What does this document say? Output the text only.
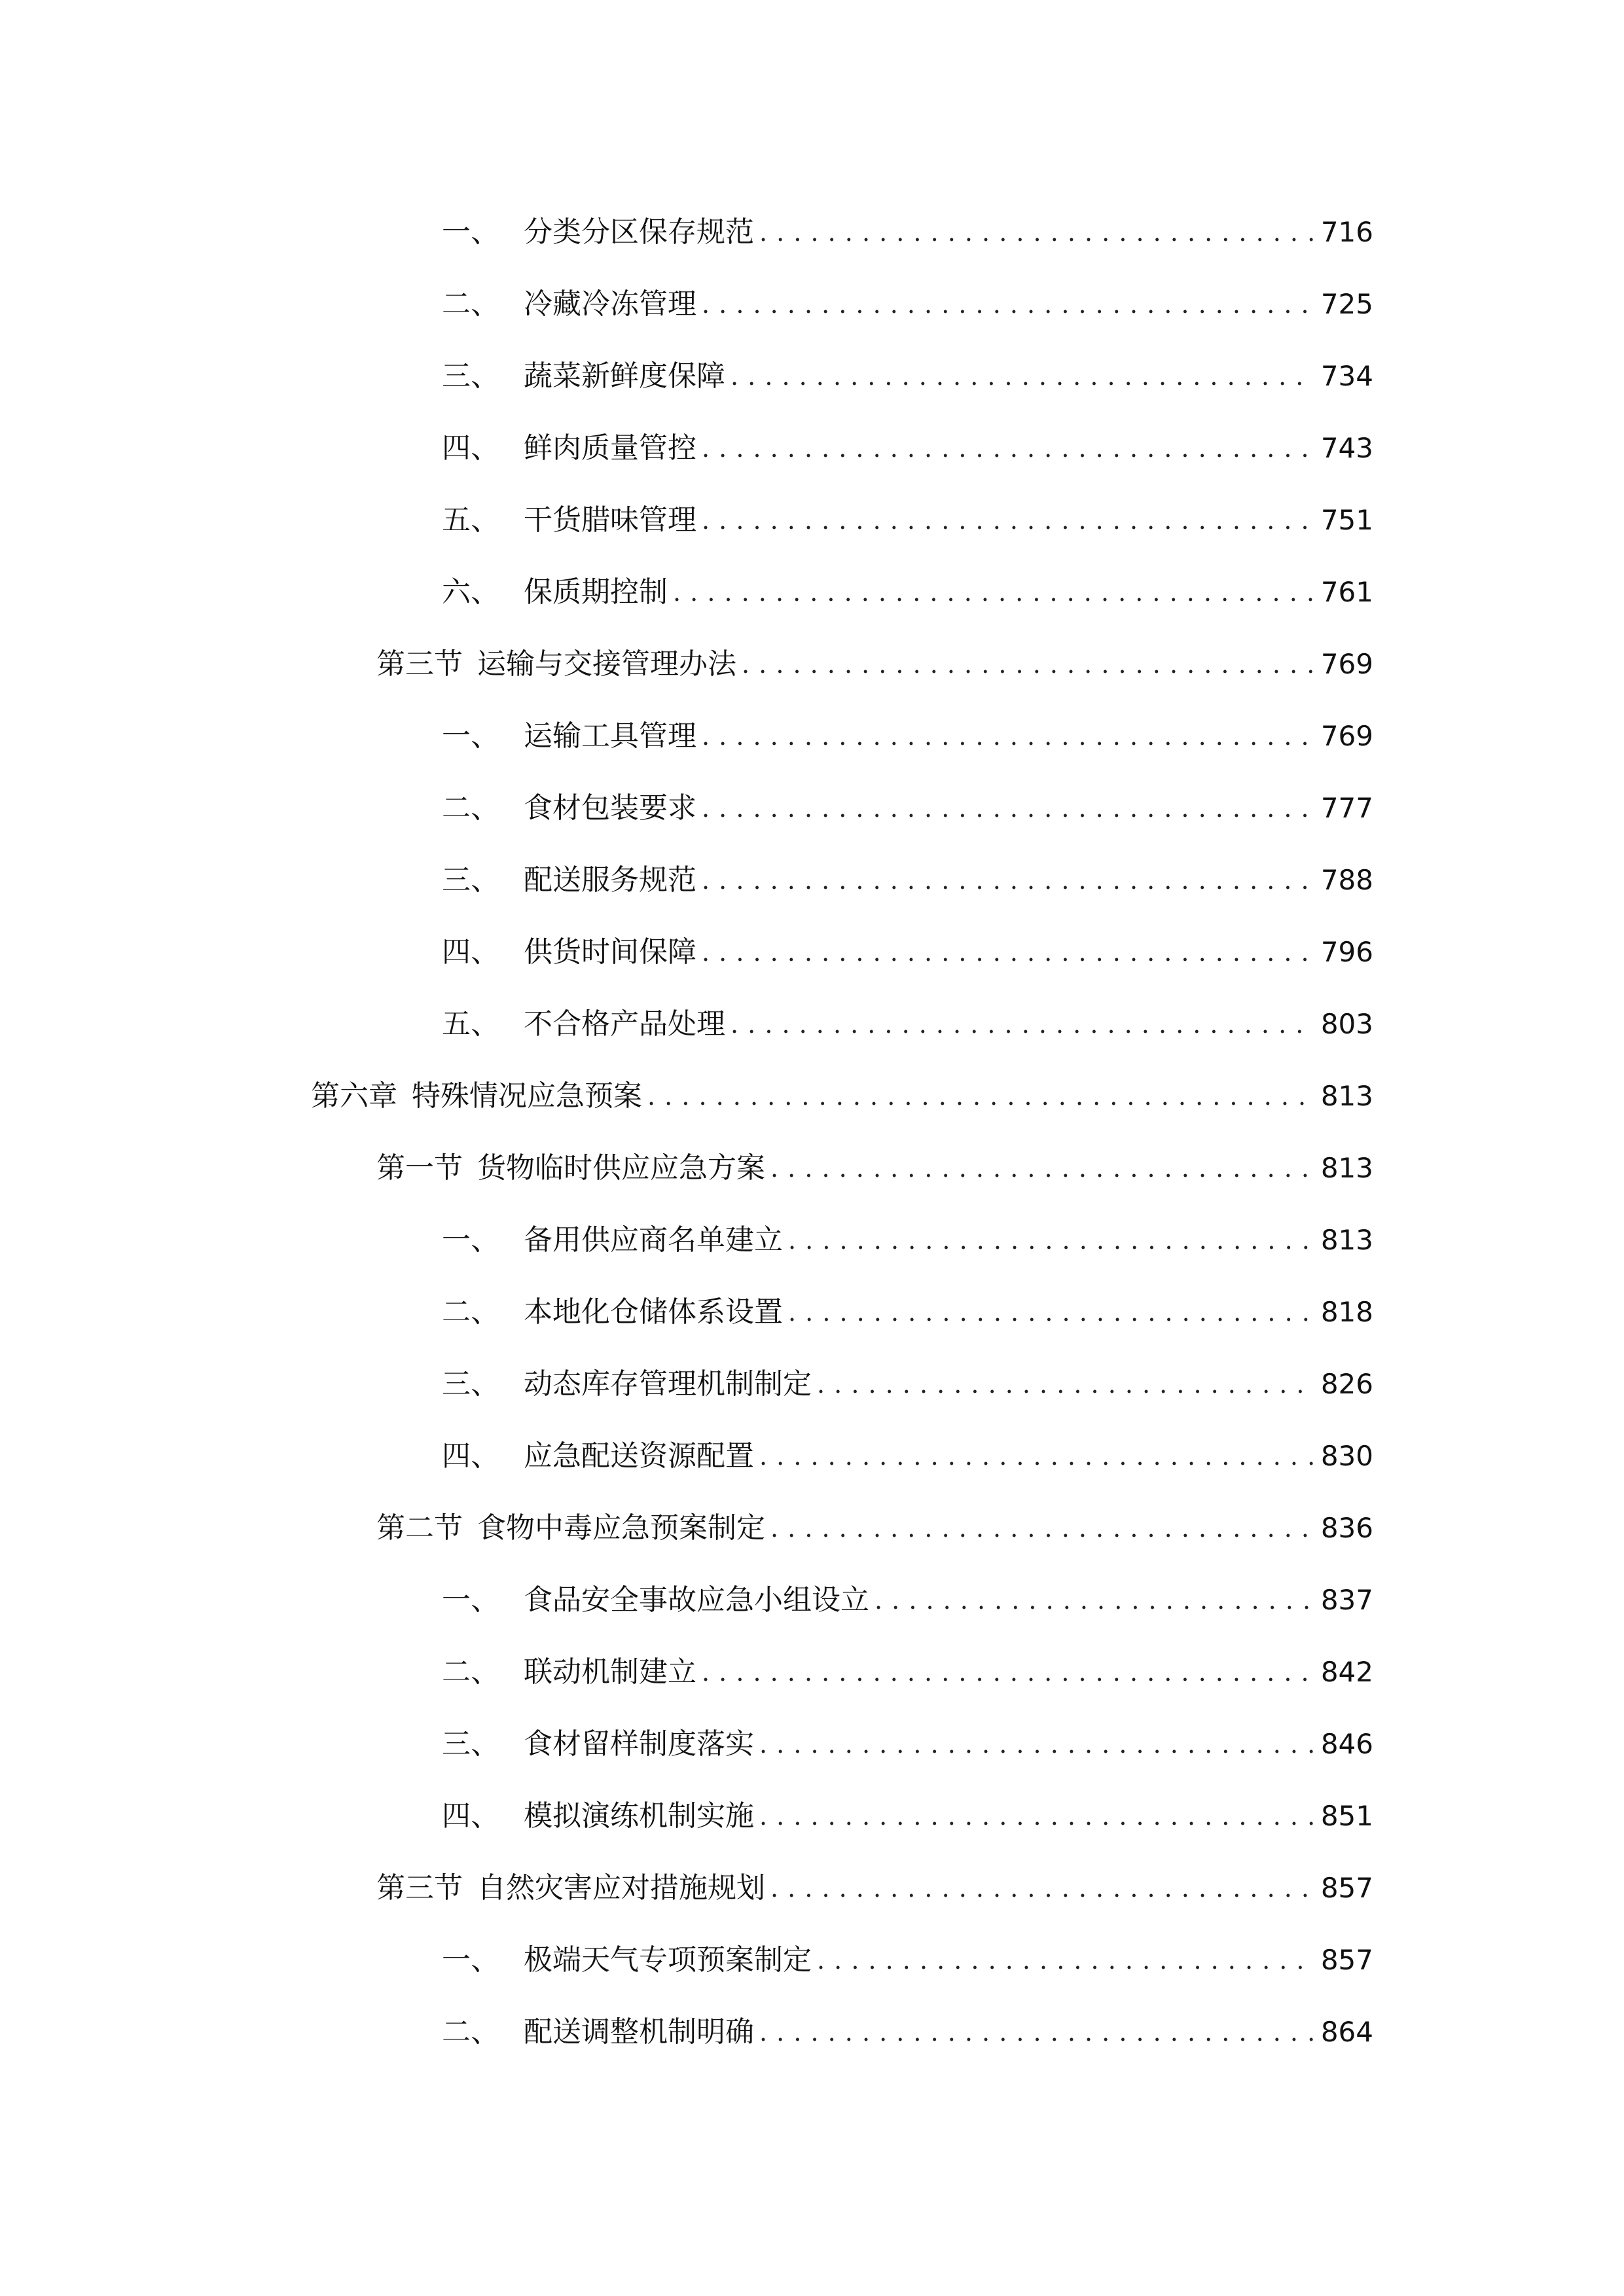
一、 分类分区保存规范 . . .	716
二、 冷藏冷冻管理 . . .	725
三、 蔬菜新鲜度保障 . . .	734
四、 鲜肉质量管控 . . .	743
五、 干货腊味管理 . . .	751
六、 保质期控制 . . .	761
第三节 运输与交接管理办法 . . .	769
一、 运输工具管理 . . .	769
二、 食材包装要求 . . .	777
三、 配送服务规范 . . .	788
四、 供货时间保障 . . .	796
五、 不合格产品处理 . . .	803
第六章 特殊情况应急预案 . . .	813
第一节 货物临时供应应急方案 . . .	813
一、 备用供应商名单建立 . . .	813
二、 本地化仓储体系设置 . . .	818
三、 动态库存管理机制制定 . . .	826
四、 应急配送资源配置 . . .	830
第二节 食物中毒应急预案制定 . . .	836
一、 食品安全事故应急小组设立 . . .	837
二、 联动机制建立 . . .	842
三、 食材留样制度落实 . . .	846
四、 模拟演练机制实施 . . .	851
第三节 自然灾害应对措施规划 . . .	857
一、 极端天气专项预案制定 . . .	857
二、 配送调整机制明确 . . .	864
